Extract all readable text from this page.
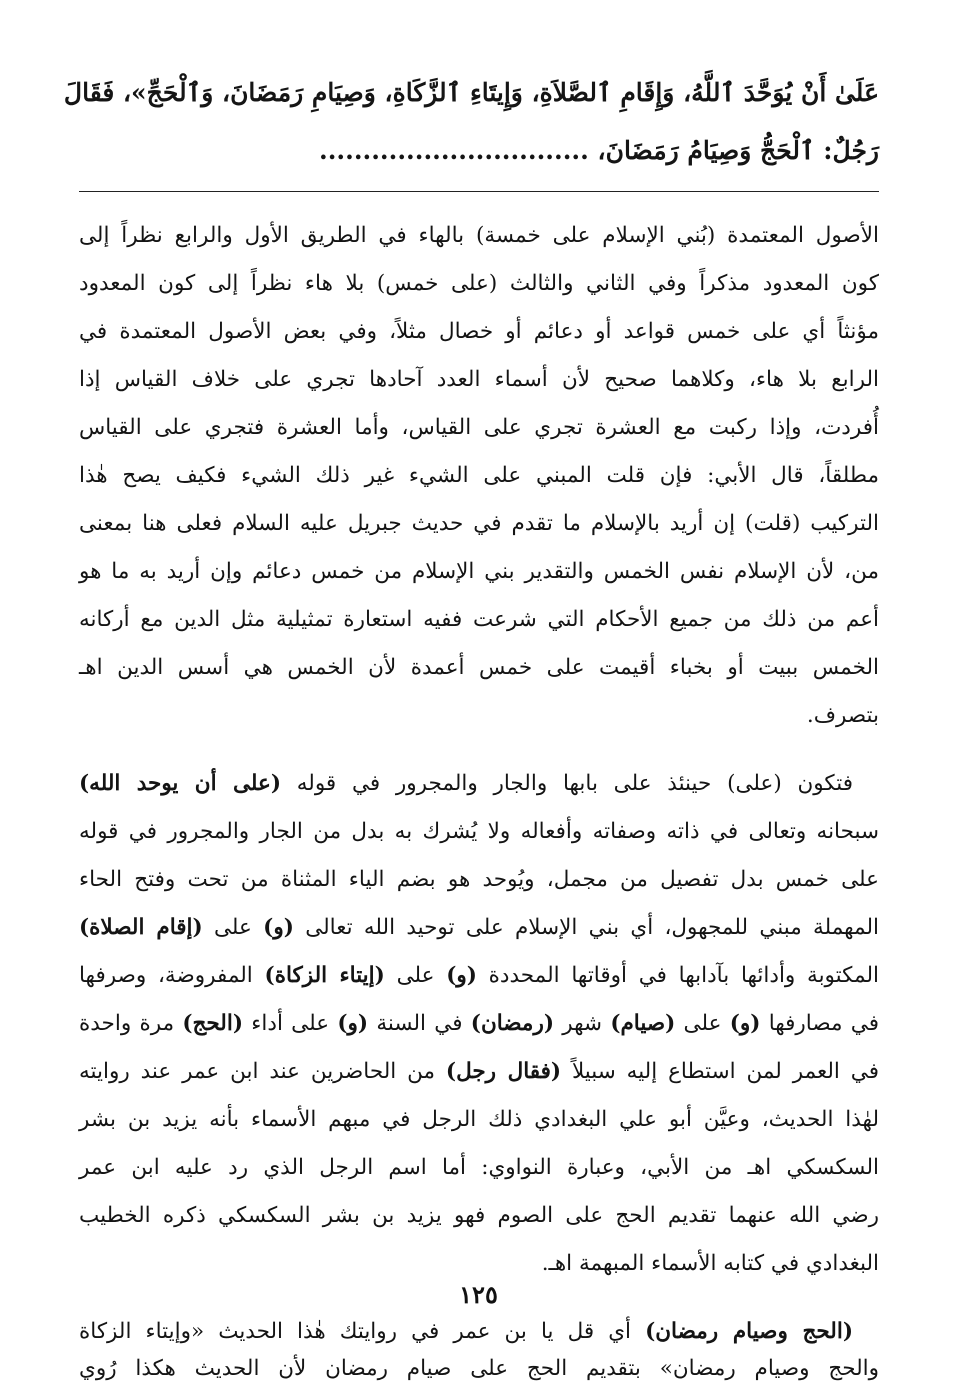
عَلَىٰ أَنْ يُوَحَّدَ ٱللَّهُ، وَإِقَامِ ٱلصَّلاَةِ، وَإِيتَاءِ ٱلزَّكَاةِ، وَصِيَامِ رَمَضَانَ، وَٱلْحَجِّ»، فَقَالَ
رَجُلٌ: ٱلْحَجُّ وَصِيَامُ رَمَضَانَ، ...............................
الأصول المعتمدة (بُني الإسلام على خمسة) بالهاء في الطريق الأول والرابع نظراً إلى
كون المعدود مذكراً وفي الثاني والثالث (على خمس) بلا هاء نظراً إلى كون المعدود
مؤنثاً أي على خمس قواعد أو دعائم أو خصال مثلاً، وفي بعض الأصول المعتمدة في
الرابع بلا هاء، وكلاهما صحيح لأن أسماء العدد آحادها تجري على خلاف القياس إذا
أُفردت، وإذا ركبت مع العشرة تجري على القياس، وأما العشرة فتجري على القياس
مطلقاً، قال الأبي: فإن قلت المبني على الشيء غير ذلك الشيء فكيف يصح هٰذا
التركيب (قلت) إن أريد بالإسلام ما تقدم في حديث جبريل عليه السلام فعلى هنا بمعنى
من، لأن الإسلام نفس الخمس والتقدير بني الإسلام من خمس دعائم وإن أريد به ما هو
أعم من ذلك من جميع الأحكام التي شرعت ففيه استعارة تمثيلية مثل الدين مع أركانه
الخمس ببيت أو بخباء أقيمت على خمس أعمدة لأن الخمس هي أسس الدين اهـ
بتصرف.
فتكون (على) حينئذ على بابها والجار والمجرور في قوله (على أن يوحد الله)
سبحانه وتعالى في ذاته وصفاته وأفعاله ولا يُشرك به بدل من الجار والمجرور في قوله
على خمس بدل تفصيل من مجمل، ويُوحد هو بضم الياء المثناة من تحت وفتح الحاء
المهملة مبني للمجهول، أي بني الإسلام على توحيد الله تعالى (و) على (إقام الصلاة)
المكتوبة وأدائها بآدابها في أوقاتها المحددة (و) على (إيتاء الزكاة) المفروضة، وصرفها
في مصارفها (و) على (صيام) شهر (رمضان) في السنة (و) على أداء (الحج) مرة واحدة
في العمر لمن استطاع إليه سبيلاً (فقال رجل) من الحاضرين عند ابن عمر عند روايته
لهٰذا الحديث، وعيَّن أبو علي البغدادي ذلك الرجل في مبهم الأسماء بأنه يزيد بن بشر
السكسكي اهـ من الأبي، وعبارة النواوي: أما اسم الرجل الذي رد عليه ابن عمر
رضي الله عنهما تقديم الحج على الصوم فهو يزيد بن بشر السكسكي ذكره الخطيب
البغدادي في كتابه الأسماء المبهمة اهـ.
(الحج وصيام رمضان) أي قل يا بن عمر في روايتك هٰذا الحديث «وإيتاء الزكاة
والحج وصيام رمضان» بتقديم الحج على صيام رمضان لأن الحديث هكذا رُوي
١٢٥
